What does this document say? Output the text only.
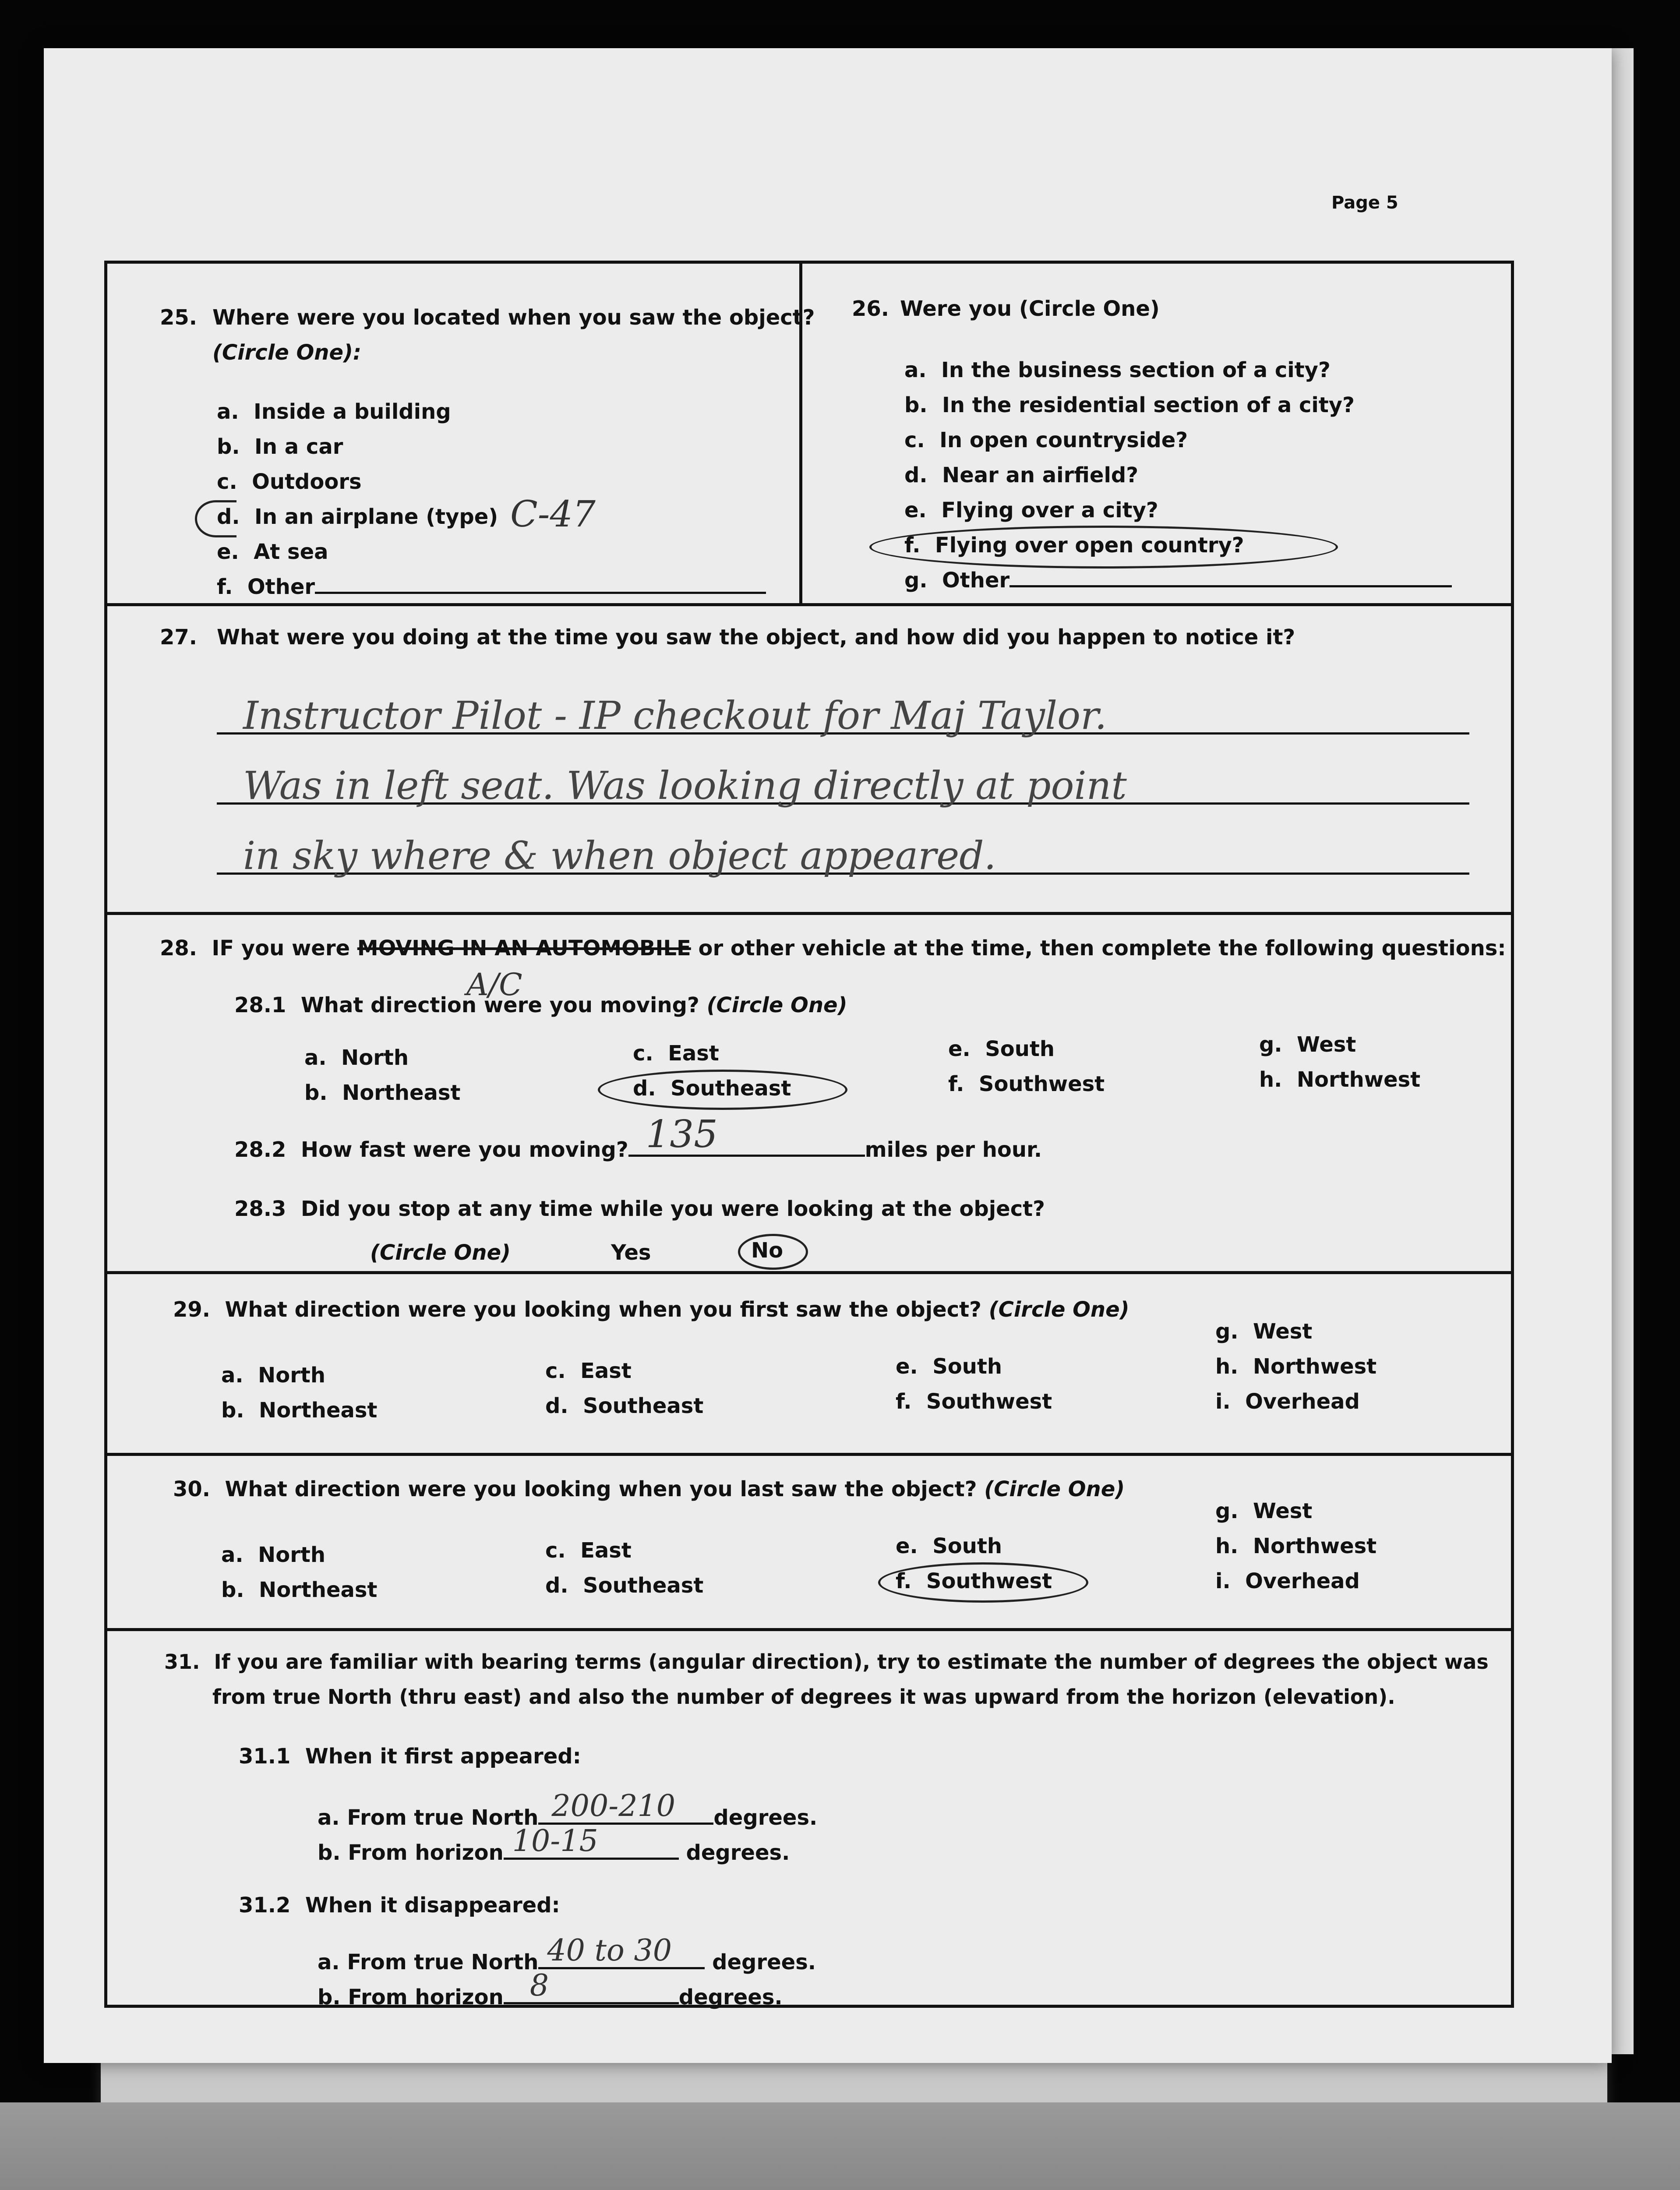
Page 5
25. Where were you located when you saw the object?
(Circle One):
a. Inside a building
b. In a car
c. Outdoors
d. In an airplane (type) C-47
e. At sea
f. Other
26. Were you (Circle One)
a. In the business section of a city?
b. In the residential section of a city?
c. In open countryside?
d. Near an airfield?
e. Flying over a city?
f. Flying over open country?
g. Other
27. What were you doing at the time you saw the object, and how did you happen to notice it?
Instructor Pilot - IP checkout for Maj Taylor.
Was in left seat. Was looking directly at point
in sky where & when object appeared.
28. IF you were MOVING IN AN AUTOMOBILE or other vehicle at the time, then complete the following questions:
A/C
28.1 What direction were you moving? (Circle One)
a. North
b. Northeast
c. East
d. Southeast
e. South
f. Southwest
g. West
h. Northwest
28.2 How fast were you moving? 135	miles per hour.
28.3 Did you stop at any time while you were looking at the object?
(Circle One)	Yes	No
29. What direction were you looking when you first saw the object? (Circle One)
a. North
b. Northeast
c. East
d. Southeast
e. South
f. Southwest
g. West
h. Northwest
i. Overhead
30. What direction were you looking when you last saw the object? (Circle One)
a. North
b. Northeast
c. East
d. Southeast
e. South
f. Southwest
g. West
h. Northwest
i. Overhead
31. If you are familiar with bearing terms (angular direction), try to estimate the number of degrees the object was
from true North (thru east) and also the number of degrees it was upward from the horizon (elevation).
31.1 When it first appeared:
a. From true North 200-210 degrees.
b. From horizon 10-15	degrees.
31.2 When it disappeared:
a. From true North 40 to 30 degrees.
b. From horizon 8	degrees.
